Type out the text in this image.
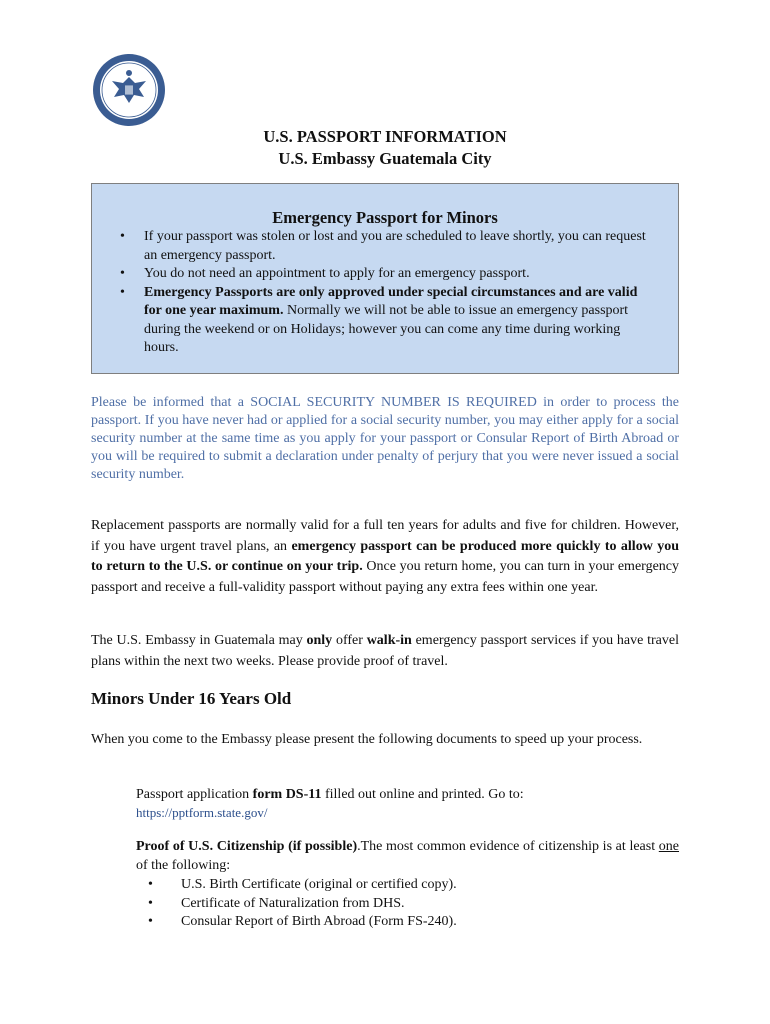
U.S. PASSPORT INFORMATION
U.S. Embassy Guatemala City
Emergency Passport for Minors
• If your passport was stolen or lost and you are scheduled to leave shortly, you can request an emergency passport.
• You do not need an appointment to apply for an emergency passport.
• Emergency Passports are only approved under special circumstances and are valid for one year maximum. Normally we will not be able to issue an emergency passport during the weekend or on Holidays; however you can come any time during working hours.
Please be informed that a SOCIAL SECURITY NUMBER IS REQUIRED in order to process the passport. If you have never had or applied for a social security number, you may either apply for a social security number at the same time as you apply for your passport or Consular Report of Birth Abroad or you will be required to submit a declaration under penalty of perjury that you were never issued a social security number.
Replacement passports are normally valid for a full ten years for adults and five for children. However, if you have urgent travel plans, an emergency passport can be produced more quickly to allow you to return to the U.S. or continue on your trip. Once you return home, you can turn in your emergency passport and receive a full-validity passport without paying any extra fees within one year.
The U.S. Embassy in Guatemala may only offer walk-in emergency passport services if you have travel plans within the next two weeks. Please provide proof of travel.
Minors Under 16 Years Old
When you come to the Embassy please present the following documents to speed up your process.
Passport application form DS-11 filled out online and printed. Go to:
https://pptform.state.gov/
Proof of U.S. Citizenship (if possible).The most common evidence of citizenship is at least one of the following:
• U.S. Birth Certificate (original or certified copy).
• Certificate of Naturalization from DHS.
• Consular Report of Birth Abroad (Form FS-240).
